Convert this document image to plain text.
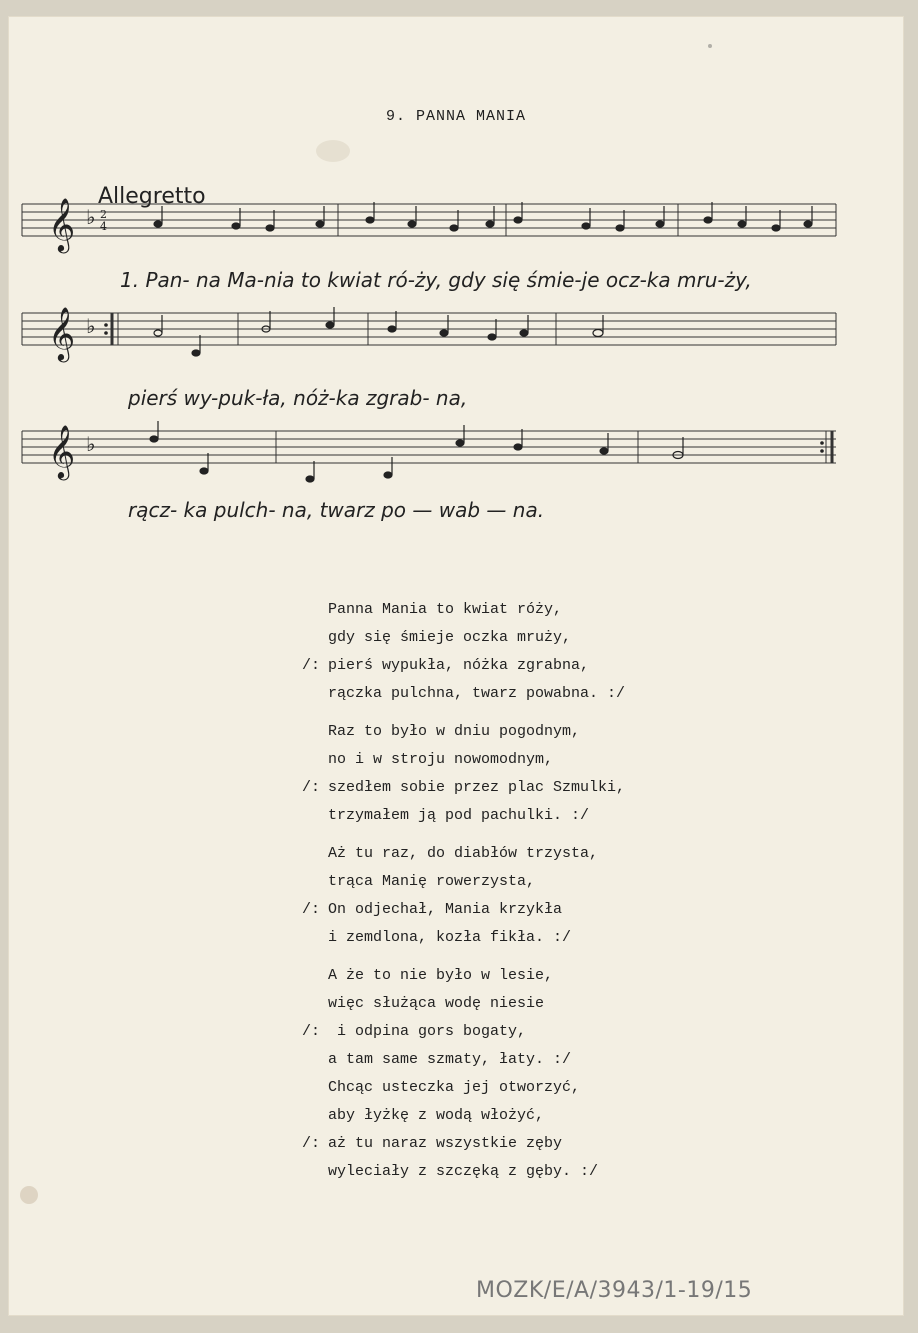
9. PANNA MANIA
Allegretto
𝄞 ♭ 2
4
𝄞 ♭
𝄞 ♭
1. Pan- na Ma-nia to kwiat ró-ży, gdy się śmie-je ocz-ka mru-ży,
pierś wy-puk-ła, nóż-ka zgrab- na,
rącz- ka pulch- na, twarz po — wab — na.
Panna Mania to kwiat róży,
gdy się śmieje oczka mruży,
/: pierś wypukła, nóżka zgrabna,
rączka pulchna, twarz powabna. :/
Raz to było w dniu pogodnym,
no i w stroju nowomodnym,
/: szedłem sobie przez plac Szmulki,
trzymałem ją pod pachulki. :/
Aż tu raz, do diabłów trzysta,
trąca Manię rowerzysta,
/: On odjechał, Mania krzykła
i zemdlona, kozła fikła. :/
A że to nie było w lesie,
więc służąca wodę niesie
/: i odpina gors bogaty,
a tam same szmaty, łaty. :/
Chcąc usteczka jej otworzyć,
aby łyżkę z wodą włożyć,
/: aż tu naraz wszystkie zęby
wyleciały z szczęką z gęby. :/
MOZK/E/A/3943/1-19/15
